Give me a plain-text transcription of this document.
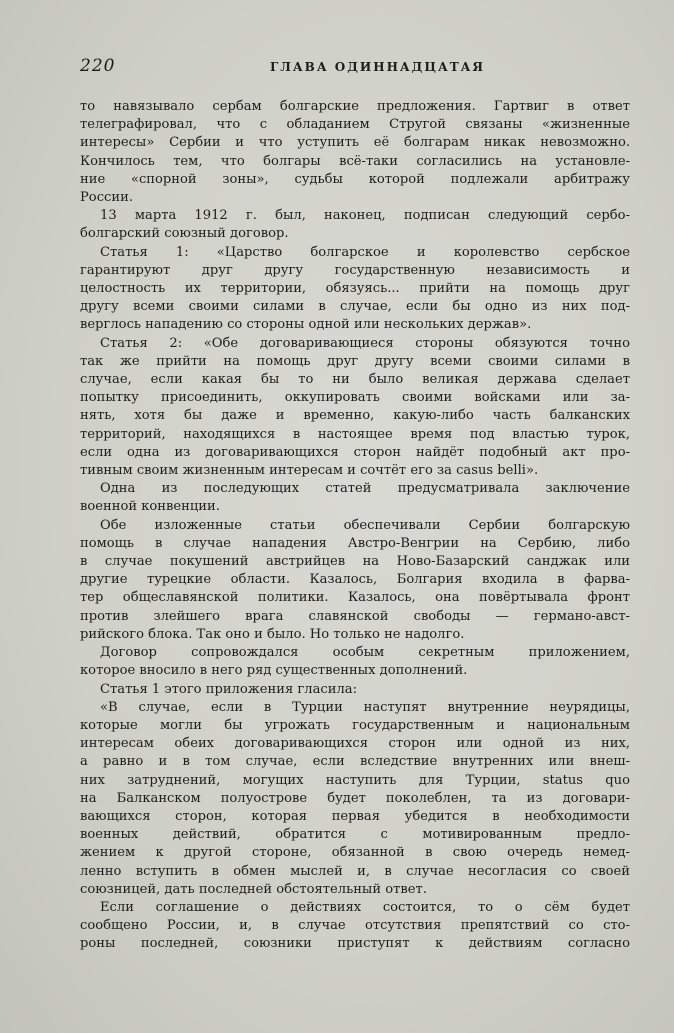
220	ГЛАВА ОДИННАДЦАТАЯ
то навязывало сербам болгарские предложения. Гартвиг в ответ
телеграфировал, что с обладанием Стругой связаны «жизненные
интересы» Сербии и что уступить её болгарам никак невозможно.
Кончилось тем, что болгары всё-таки согласились на установле-
ние «спорной зоны», судьбы которой подлежали арбитражу
России.
13 марта 1912 г. был, наконец, подписан следующий сербо-
болгарский союзный договор.
Статья 1: «Царство болгарское и королевство сербское
гарантируют друг другу государственную независимость и
целостность их территории, обязуясь... прийти на помощь друг
другу всеми своими силами в случае, если бы одно из них под-
верглось нападению со стороны одной или нескольких держав».
Статья 2: «Обе договаривающиеся стороны обязуются точно
так же прийти на помощь друг другу всеми своими силами в
случае, если какая бы то ни было великая держава сделает
попытку присоединить, оккупировать своими войсками или за-
нять, хотя бы даже и временно, какую-либо часть балканских
территорий, находящихся в настоящее время под властью турок,
если одна из договаривающихся сторон найдёт подобный акт про-
тивным своим жизненным интересам и сочтёт его за casus belli».
Одна из последующих статей предусматривала заключение
военной конвенции.
Обе изложенные статьи обеспечивали Сербии болгарскую
помощь в случае нападения Австро-Венгрии на Сербию, либо
в случае покушений австрийцев на Ново-Базарский санджак или
другие турецкие области. Казалось, Болгария входила в фарва-
тер общеславянской политики. Казалось, она повёртывала фронт
против злейшего врага славянской свободы — германо-авст-
рийского блока. Так оно и было. Но только не надолго.
Договор сопровождался особым секретным приложением,
которое вносило в него ряд существенных дополнений.
Статья 1 этого приложения гласила:
«В случае, если в Турции наступят внутренние неурядицы,
которые могли бы угрожать государственным и национальным
интересам обеих договаривающихся сторон или одной из них,
а равно и в том случае, если вследствие внутренних или внеш-
них затруднений, могущих наступить для Турции, status quo
на Балканском полуострове будет поколеблен, та из договари-
вающихся сторон, которая первая убедится в необходимости
военных действий, обратится с мотивированным предло-
жением к другой стороне, обязанной в свою очередь немед-
ленно вступить в обмен мыслей и, в случае несогласия со своей
союзницей, дать последней обстоятельный ответ.
Если соглашение о действиях состоится, то о сём будет
сообщено России, и, в случае отсутствия препятствий со сто-
роны последней, союзники приступят к действиям согласно
